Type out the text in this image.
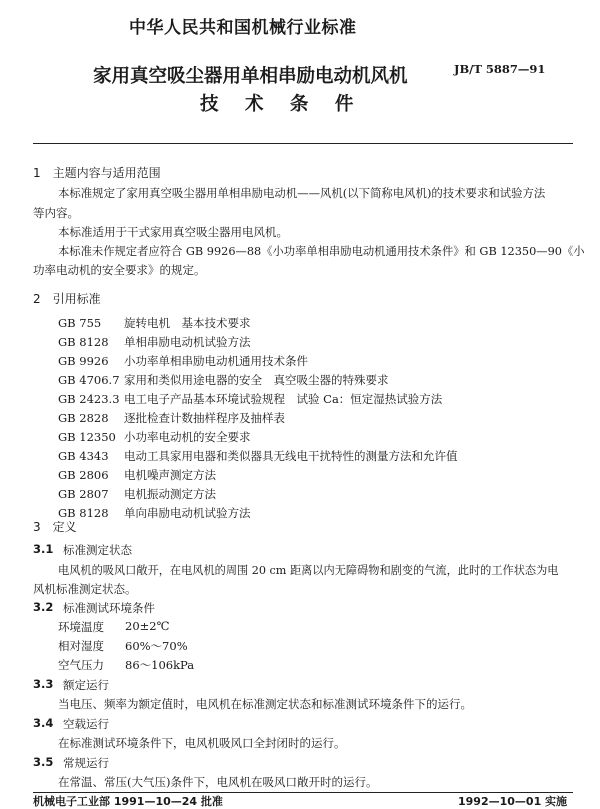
中华人民共和国机械行业标准
JB/T 5887—91
家用真空吸尘器用单相串励电动机风机
技 术 条 件
1　主题内容与适用范围
本标准规定了家用真空吸尘器用单相串励电动机——风机(以下简称电风机)的技术要求和试验方法
等内容。
本标准适用于干式家用真空吸尘器用电风机。
本标准未作规定者应符合 GB 9926—88《小功率单相串励电动机通用技术条件》和 GB 12350—90《小
功率电动机的安全要求》的规定。
2　引用标准
GB 755 旋转电机　基本技术要求
GB 8128 单相串励电动机试验方法
GB 9926 小功率单相串励电动机通用技术条件
GB 4706.7 家用和类似用途电器的安全　真空吸尘器的特殊要求
GB 2423.3 电工电子产品基本环境试验规程　试验 Ca：恒定湿热试验方法
GB 2828 逐批检查计数抽样程序及抽样表
GB 12350 小功率电动机的安全要求
GB 4343 电动工具家用电器和类似器具无线电干扰特性的测量方法和允许值
GB 2806 电机噪声测定方法
GB 2807 电机振动测定方法
GB 8128 单向串励电动机试验方法
3　定义
3.1 标准测定状态
电风机的吸风口敞开，在电风机的周围 20 cm 距离以内无障碍物和剧变的气流，此时的工作状态为电
风机标准测定状态。
3.2 标准测试环境条件
环境温度 20±2℃
相对湿度 60%～70%
空气压力 86～106kPa
3.3 额定运行
当电压、频率为额定值时，电风机在标准测定状态和标准测试环境条件下的运行。
3.4 空载运行
在标准测试环境条件下，电风机吸风口全封闭时的运行。
3.5 常规运行
在常温、常压(大气压)条件下，电风机在吸风口敞开时的运行。
机械电子工业部 1991—10—24 批准	1992—10—01 实施
